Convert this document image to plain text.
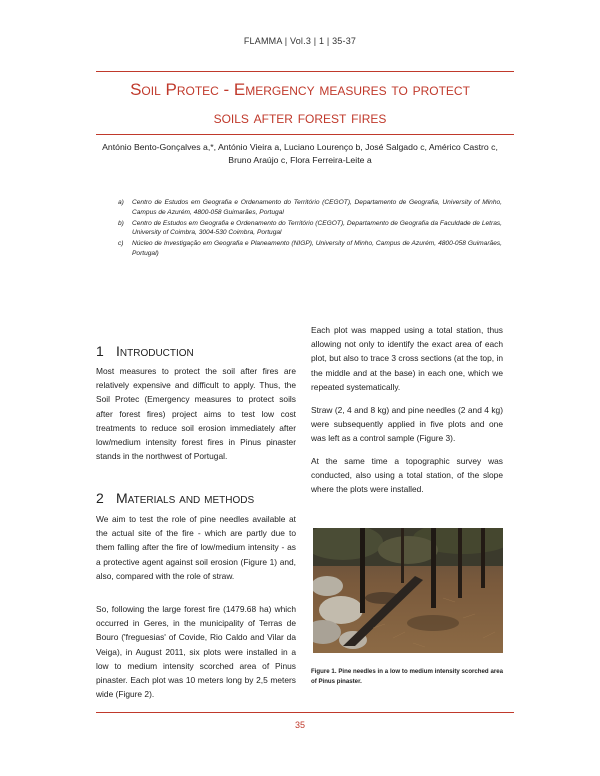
FLAMMA | Vol.3 | 1 | 35-37
Soil Protec - Emergency measures to protect
soils after forest fires
António Bento-Gonçalves a,*, António Vieira a, Luciano Lourenço b, José Salgado c, Américo Castro c,
Bruno Araújo c, Flora Ferreira-Leite a
a)	Centro de Estudos em Geografia e Ordenamento do Território (CEGOT), Departamento de Geografia, University of Minho, Campus de Azurém, 4800-058 Guimarães, Portugal
b)	Centro de Estudos em Geografia e Ordenamento do Território (CEGOT), Departamento de Geografia da Faculdade de Letras, University of Coimbra, 3004-530 Coimbra, Portugal
c)	Núcleo de Investigação em Geografia e Planeamento (NIGP), University of Minho, Campus de Azurém, 4800-058 Guimarães, Portugal)
1 Introduction

Most measures to protect the soil after fires are relatively expensive and difficult to apply. Thus, the Soil Protec (Emergency measures to protect soils after forest fires) project aims to test low cost treatments to reduce soil erosion immediately after low/medium intensity forest fires in Pinus pinaster stands in the northwest of Portugal.

2 Materials and methods

We aim to test the role of pine needles available at the actual site of the fire - which are partly due to them falling after the fire of low/medium intensity - as a protective agent against soil erosion (Figure 1) and, also, compared with the role of straw.

So, following the large forest fire (1479.68 ha) which occurred in Geres, in the municipality of Terras de Bouro ('freguesias' of Covide, Rio Caldo and Vilar da Veiga), in August 2011, six plots were installed in a low to medium intensity scorched area of Pinus pinaster. Each plot was 10 meters long by 2,5 meters wide (Figure 2).

Each plot was mapped using a total station, thus allowing not only to identify the exact area of each plot, but also to trace 3 cross sections (at the top, in the middle and at the base) in each one, which we repeated systematically.

Straw (2, 4 and 8 kg) and pine needles (2 and 4 kg) were subsequently applied in five plots and one was left as a control sample (Figure 3).

At the same time a topographic survey was conducted, also using a total station, of the slope where the plots were installed.

Figure 1. Pine needles in a low to medium intensity scorched area of Pinus pinaster.
35
